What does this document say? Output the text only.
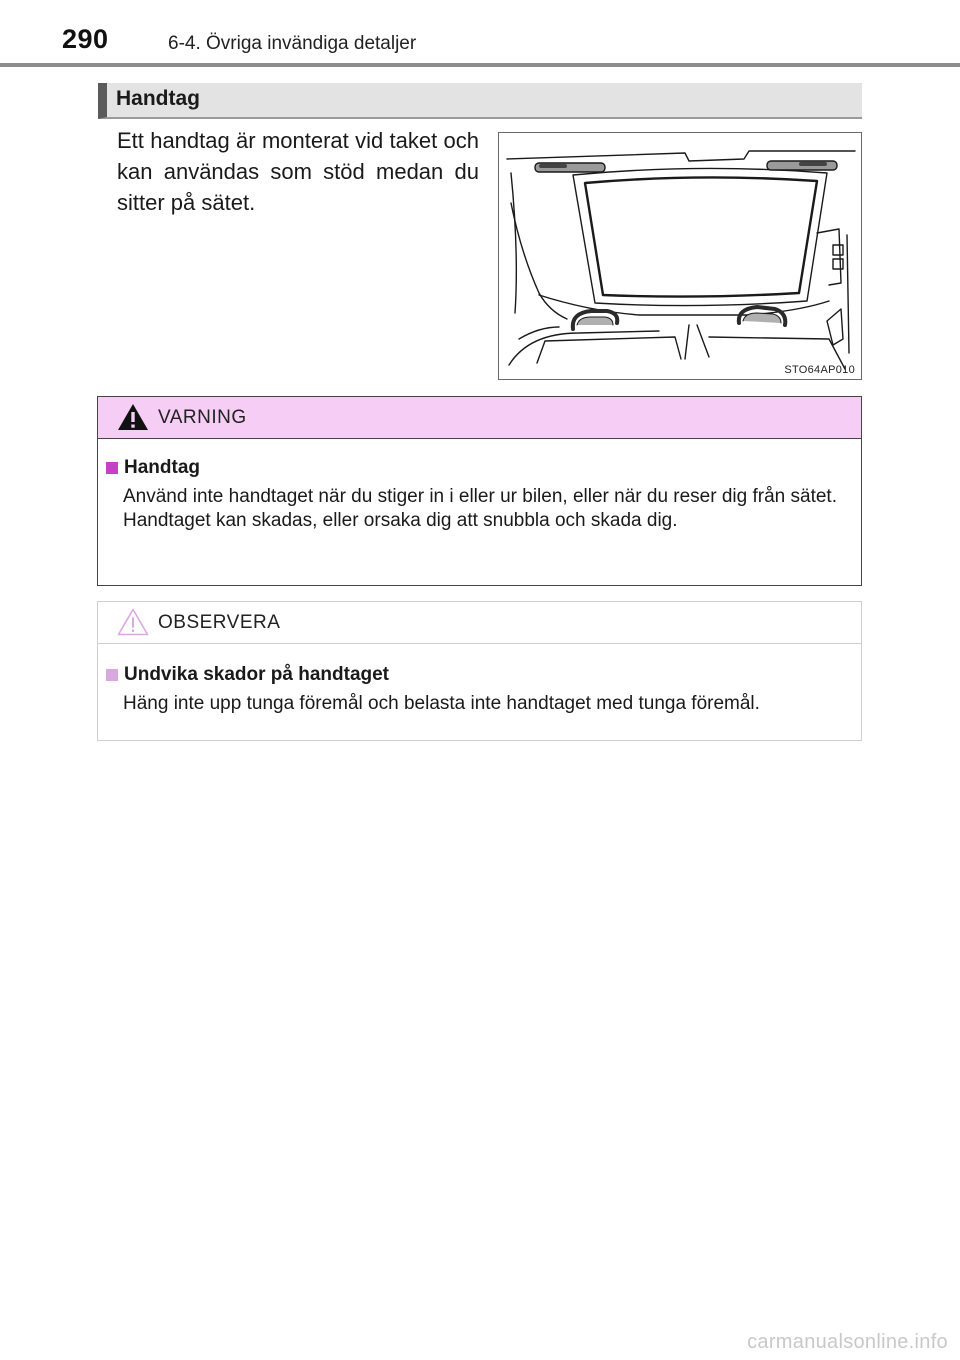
290	6-4. Övriga invändiga detaljer
Handtag

Ett handtag är monterat vid taket och kan användas som stöd medan du sitter på sätet.

STO64AP010
VARNING
Handtag
Använd inte handtaget när du stiger in i eller ur bilen, eller när du reser dig från sätet.
Handtaget kan skadas, eller orsaka dig att snubbla och skada dig.
OBSERVERA
Undvika skador på handtaget
Häng inte upp tunga föremål och belasta inte handtaget med tunga föremål.
carmanualsonline.info
